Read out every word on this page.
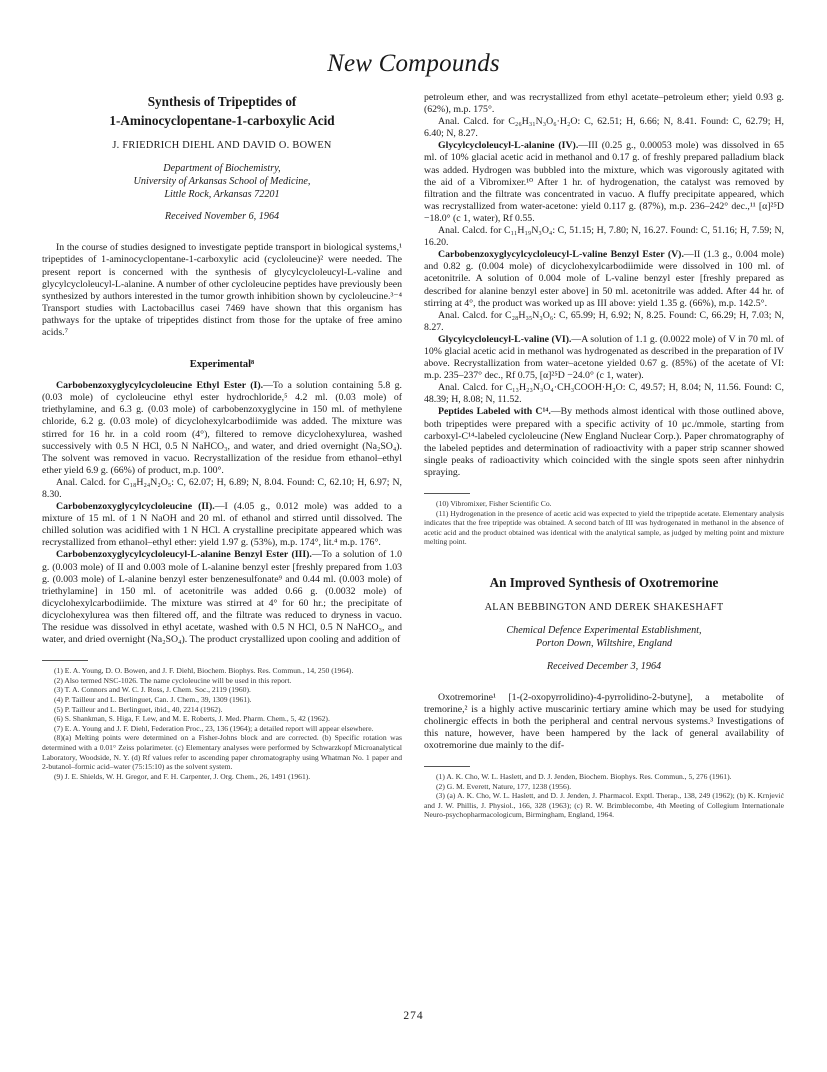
New Compounds

Synthesis of Tripeptides of

1-Aminocyclopentane-1-carboxylic Acid

J. FRIEDRICH DIEHL AND DAVID O. BOWEN

Department of Biochemistry,

University of Arkansas School of Medicine,

Little Rock, Arkansas 72201

Received November 6, 1964

In the course of studies designed to investigate peptide transport in biological systems,¹ tripeptides of 1-aminocyclopentane-1-carboxylic acid (cycloleucine)² were needed. The present report is concerned with the synthesis of glycylcycloleucyl-L-valine and glycylcycloleucyl-L-alanine. A number of other cycloleucine peptides have previously been synthesized by authors interested in the tumor growth inhibition shown by cycloleucine.³⁻⁴ Transport studies with Lactobacillus casei 7469 have shown that this organism has pathways for the uptake of tripeptides distinct from those for the uptake of free amino acids.⁷

Experimental⁸

Carbobenzoxyglycylcycloleucine Ethyl Ester (I).—To a solution containing 5.8 g. (0.03 mole) of cycloleucine ethyl ester hydrochloride,⁵ 4.2 ml. (0.03 mole) of triethylamine, and 6.3 g. (0.03 mole) of carbobenzoxyglycine in 150 ml. of methylene chloride, 6.2 g. (0.03 mole) of dicyclohexylcarbodiimide was added. The mixture was stirred for 16 hr. in a cold room (4°), filtered to remove dicyclohexylurea, washed successively with 0.5 N HCl, 0.5 N NaHCO₃, and water, and dried overnight (Na₂SO₄). The solvent was removed in vacuo. Recrystallization of the residue from ethanol–ethyl ether yield 6.9 g. (66%) of product, m.p. 100°.

Anal. Calcd. for C₁₈H₂₄N₂O₅: C, 62.07; H, 6.89; N, 8.04. Found: C, 62.10; H, 6.97; N, 8.30.

Carbobenzoxyglycylcycloleucine (II).—I (4.05 g., 0.012 mole) was added to a mixture of 15 ml. of 1 N NaOH and 20 ml. of ethanol and stirred until dissolved. The chilled solution was acidified with 1 N HCl. A crystalline precipitate appeared which was recrystallized from ethanol–ethyl ether: yield 1.97 g. (53%), m.p. 174°, lit.⁴ m.p. 176°.

Carbobenzoxyglycylcycloleucyl-L-alanine Benzyl Ester (III).—To a solution of 1.0 g. (0.003 mole) of II and 0.003 mole of L-alanine benzyl ester [freshly prepared from 1.03 g. (0.003 mole) of L-alanine benzyl ester benzenesulfonate⁹ and 0.44 ml. (0.003 mole) of triethylamine] in 150 ml. of acetonitrile was added 0.66 g. (0.0032 mole) of dicyclohexylcarbodiimide. The mixture was stirred at 4° for 60 hr.; the precipitate of dicyclohexylurea was then filtered off, and the filtrate was reduced to dryness in vacuo. The residue was dissolved in ethyl acetate, washed with 0.5 N HCl, 0.5 N NaHCO₃, and water, and dried overnight (Na₂SO₄). The product crystallized upon cooling and addition of

(1) E. A. Young, D. O. Bowen, and J. F. Diehl, Biochem. Biophys. Res. Commun., 14, 250 (1964).

(2) Also termed NSC-1026. The name cycloleucine will be used in this report.

(3) T. A. Connors and W. C. J. Ross, J. Chem. Soc., 2119 (1960).

(4) P. Tailleur and L. Berlinguet, Can. J. Chem., 39, 1309 (1961).

(5) P. Tailleur and L. Berlinguet, ibid., 40, 2214 (1962).

(6) S. Shankman, S. Higa, F. Lew, and M. E. Roberts, J. Med. Pharm. Chem., 5, 42 (1962).

(7) E. A. Young and J. F. Diehl, Federation Proc., 23, 136 (1964); a detailed report will appear elsewhere.

(8)(a) Melting points were determined on a Fisher-Johns block and are corrected. (b) Specific rotation was determined with a 0.01° Zeiss polarimeter. (c) Elementary analyses were performed by Schwarzkopf Microanalytical Laboratory, Woodside, N. Y. (d) Rf values refer to ascending paper chromatography using Whatman No. 1 paper and 2-butanol–formic acid–water (75:15:10) as the solvent system.

(9) J. E. Shields, W. H. Gregor, and F. H. Carpenter, J. Org. Chem., 26, 1491 (1961).

petroleum ether, and was recrystallized from ethyl acetate–petroleum ether; yield 0.93 g. (62%), m.p. 175°.

Anal. Calcd. for C₂₆H₃₁N₃O₆·H₂O: C, 62.51; H, 6.66; N, 8.41. Found: C, 62.79; H, 6.40; N, 8.27.

Glycylcycloleucyl-L-alanine (IV).—III (0.25 g., 0.00053 mole) was dissolved in 65 ml. of 10% glacial acetic acid in methanol and 0.17 g. of freshly prepared palladium black was added. Hydrogen was bubbled into the mixture, which was vigorously agitated with the aid of a Vibromixer.¹⁰ After 1 hr. of hydrogenation, the catalyst was removed by filtration and the filtrate was concentrated in vacuo. A fluffy precipitate appeared, which was recrystallized from water-acetone: yield 0.117 g. (87%), m.p. 236–242° dec.,¹¹ [α]²⁵D −18.0° (c 1, water), Rf 0.55.

Anal. Calcd. for C₁₁H₁₉N₃O₄: C, 51.15; H, 7.80; N, 16.27. Found: C, 51.16; H, 7.59; N, 16.20.

Carbobenzoxyglycylcycloleucyl-L-valine Benzyl Ester (V).—II (1.3 g., 0.004 mole) and 0.82 g. (0.004 mole) of dicyclohexylcarbodiimide were dissolved in 100 ml. of acetonitrile. A solution of 0.004 mole of L-valine benzyl ester [freshly prepared as described for alanine benzyl ester above] in 50 ml. acetonitrile was added. After 44 hr. of stirring at 4°, the product was worked up as III above: yield 1.35 g. (66%), m.p. 142.5°.

Anal. Calcd. for C₂₈H₃₅N₃O₆: C, 65.99; H, 6.92; N, 8.25. Found: C, 66.29; H, 7.03; N, 8.27.

Glycylcycloleucyl-L-valine (VI).—A solution of 1.1 g. (0.0022 mole) of V in 70 ml. of 10% glacial acetic acid in methanol was hydrogenated as described in the preparation of IV above. Recrystallization from water–acetone yielded 0.67 g. (85%) of the acetate of VI: m.p. 235–237° dec., Rf 0.75, [α]²⁵D −24.0° (c 1, water).

Anal. Calcd. for C₁₃H₂₃N₃O₄·CH₃COOH·H₂O: C, 49.57; H, 8.04; N, 11.56. Found: C, 48.39; H, 8.08; N, 11.52.

Peptides Labeled with C¹⁴.—By methods almost identical with those outlined above, both tripeptides were prepared with a specific activity of 10 μc./mmole, starting from carboxyl-C¹⁴-labeled cycloleucine (New England Nuclear Corp.). Paper chromatography of the labeled peptides and determination of radioactivity with a paper strip scanner showed single peaks of radioactivity which coincided with the single spots seen after ninhydrin spraying.

(10) Vibromixer, Fisher Scientific Co.

(11) Hydrogenation in the presence of acetic acid was expected to yield the tripeptide acetate. Elementary analysis indicates that the free tripeptide was obtained. A second batch of III was hydrogenated in methanol in the absence of acetic acid and the product obtained was identical with the analytical sample, as judged by melting point and mixture melting point.

An Improved Synthesis of Oxotremorine

ALAN BEBBINGTON AND DEREK SHAKESHAFT

Chemical Defence Experimental Establishment,

Porton Down, Wiltshire, England

Received December 3, 1964

Oxotremorine¹ [1-(2-oxopyrrolidino)-4-pyrrolidino-2-butyne], a metabolite of tremorine,² is a highly active muscarinic tertiary amine which may be used for studying cholinergic effects in both the peripheral and central nervous systems.³ Investigations of this nature, however, have been hampered by the lack of general availability of oxotremorine due mainly to the dif-

(1) A. K. Cho, W. L. Haslett, and D. J. Jenden, Biochem. Biophys. Res. Commun., 5, 276 (1961).

(2) G. M. Everett, Nature, 177, 1238 (1956).

(3) (a) A. K. Cho, W. L. Haslett, and D. J. Jenden, J. Pharmacol. Exptl. Therap., 138, 249 (1962); (b) K. Krnjević and J. W. Phillis, J. Physiol., 166, 328 (1963); (c) R. W. Brimblecombe, 4th Meeting of Collegium Internationale Neuro-psychopharmacologicum, Birmingham, England, 1964.

274
